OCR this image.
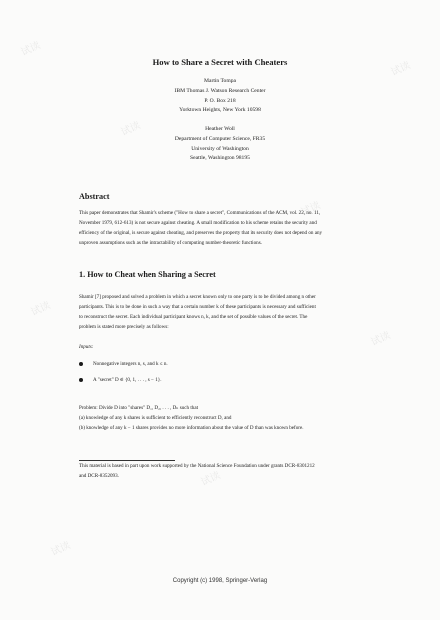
试读
试读
试读
试读
试读
试读
试读
试读
How to Share a Secret with Cheaters
Martin Tompa
IBM Thomas J. Watson Research Center
P. O. Box 218
Yorktown Heights, New York 10598
Heather Woll
Department of Computer Science, FR35
University of Washington
Seattle, Washington 98195
Abstract
This paper demonstrates that Shamir's scheme ("How to share a secret", Communications of the ACM, vol. 22, no. 11,
November 1979, 612-613) is not secure against cheating. A small modification to his scheme retains the security and
efficiency of the original, is secure against cheating, and preserves the property that its security does not depend on any
unproven assumptions such as the intractability of computing number-theoretic functions.
1. How to Cheat when Sharing a Secret
Shamir [7] proposed and solved a problem in which a secret known only to one party is to be divided among n other
participants. This is to be done in such a way that a certain number k of these participants is necessary and sufficient
to reconstruct the secret. Each individual participant knows n, k, and the set of possible values of the secret. The
problem is stated more precisely as follows:
Inputs:
Nonnegative integers n, s, and k ≤ n.
A "secret" D ∈ {0, 1, . . . , s − 1}.
Problem: Divide D into "shares" D₁, D₂, . . . , Dₙ such that
(a) knowledge of any k shares is sufficient to efficiently reconstruct D, and
(b) knowledge of any k − 1 shares provides no more information about the value of D than was known before.
This material is based in part upon work supported by the National Science Foundation under grants DCR-8301212
and DCR-8352093.
Copyright (c) 1998, Springer-Verlag
